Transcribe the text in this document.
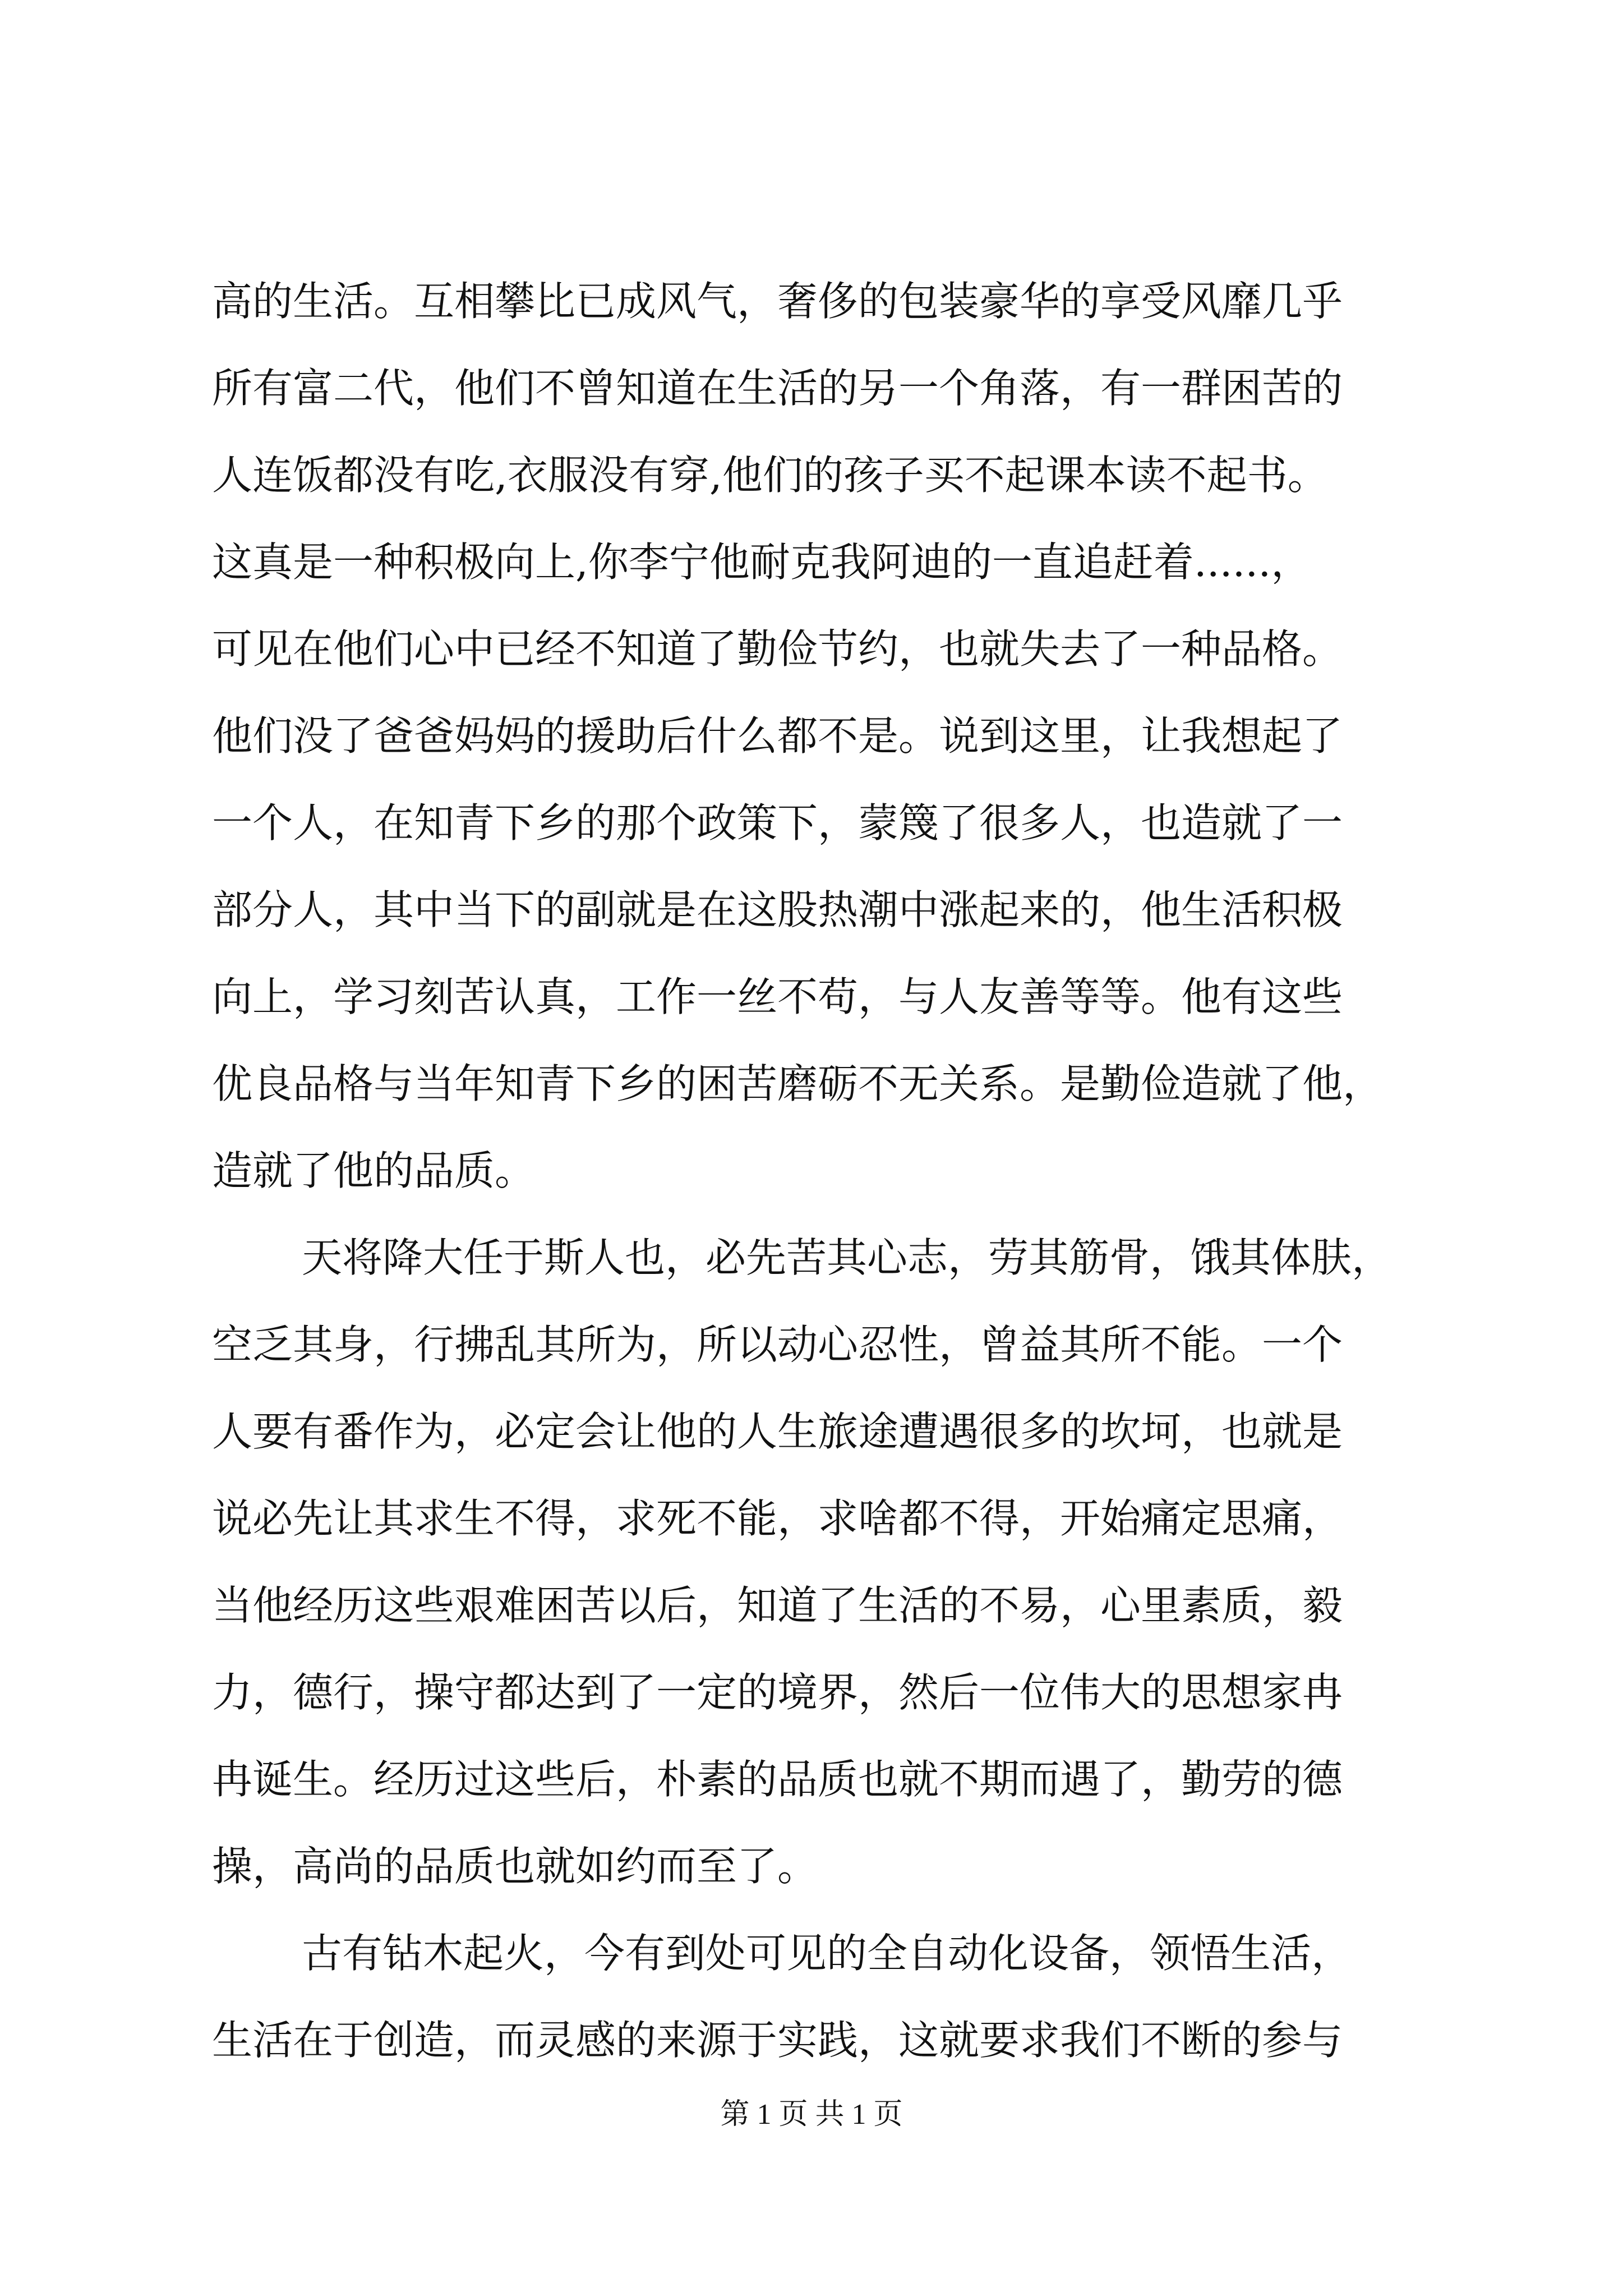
高的生活。互相攀比已成风气，奢侈的包装豪华的享受风靡几乎
所有富二代，他们不曾知道在生活的另一个角落，有一群困苦的
人连饭都没有吃,衣服没有穿,他们的孩子买不起课本读不起书。
这真是一种积极向上,你李宁他耐克我阿迪的一直追赶着......，
可见在他们心中已经不知道了勤俭节约，也就失去了一种品格。
他们没了爸爸妈妈的援助后什么都不是。说到这里，让我想起了
一个人，在知青下乡的那个政策下，蒙篾了很多人，也造就了一
部分人，其中当下的副就是在这股热潮中涨起来的，他生活积极
向上，学习刻苦认真，工作一丝不苟，与人友善等等。他有这些
优良品格与当年知青下乡的困苦磨砺不无关系。是勤俭造就了他，
造就了他的品质。
天将降大任于斯人也，必先苦其心志，劳其筋骨，饿其体肤，
空乏其身，行拂乱其所为，所以动心忍性，曾益其所不能。一个
人要有番作为，必定会让他的人生旅途遭遇很多的坎坷，也就是
说必先让其求生不得，求死不能，求啥都不得，开始痛定思痛，
当他经历这些艰难困苦以后，知道了生活的不易，心里素质，毅
力，德行，操守都达到了一定的境界，然后一位伟大的思想家冉
冉诞生。经历过这些后，朴素的品质也就不期而遇了，勤劳的德
操，高尚的品质也就如约而至了。
古有钻木起火，今有到处可见的全自动化设备，领悟生活，
生活在于创造，而灵感的来源于实践，这就要求我们不断的参与
第 1 页 共 1 页
